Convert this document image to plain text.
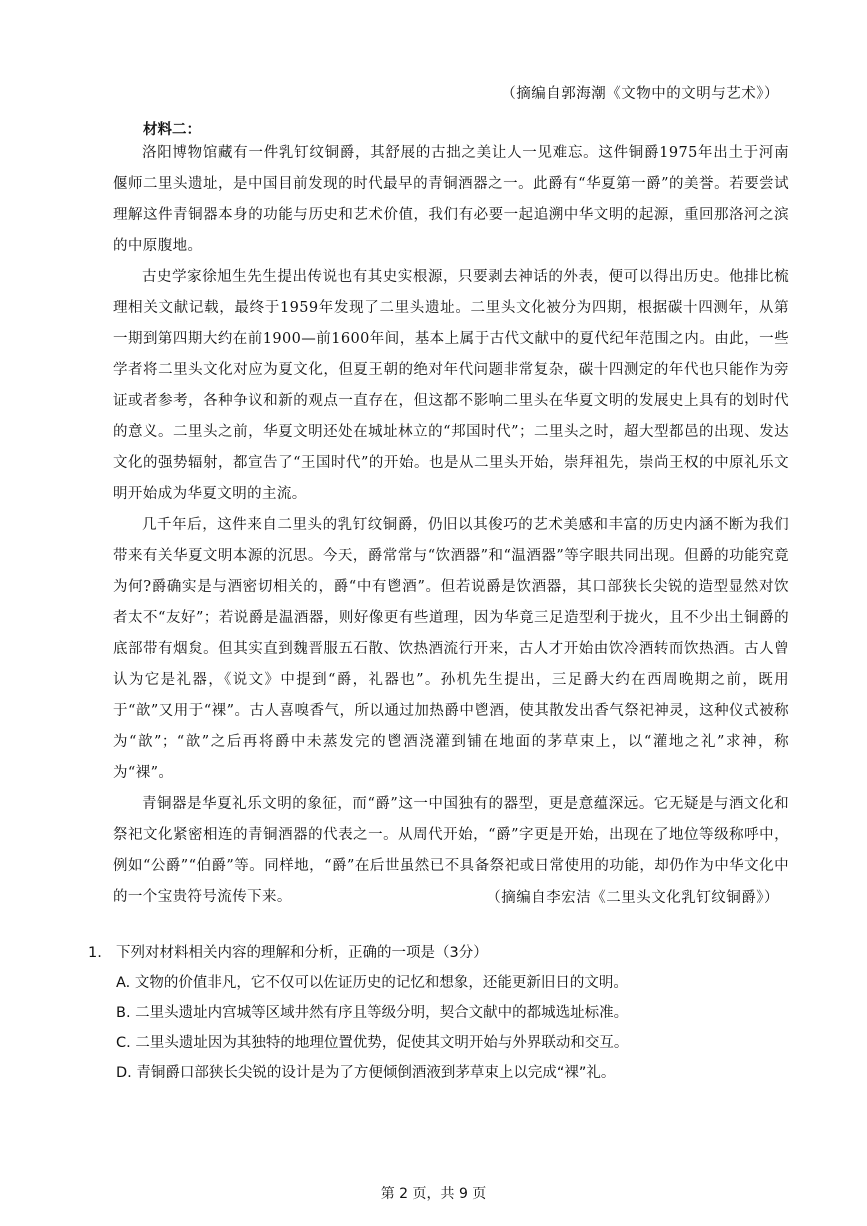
（摘编自郭海潮《文物中的文明与艺术》）
材料二：

洛阳博物馆藏有一件乳钉纹铜爵，其舒展的古拙之美让人一见难忘。这件铜爵1975年出土于河南偃师二里头遗址，是中国目前发现的时代最早的青铜酒器之一。此爵有“华夏第一爵”的美誉。若要尝试理解这件青铜器本身的功能与历史和艺术价值，我们有必要一起追溯中华文明的起源，重回那洛河之滨的中原腹地。

古史学家徐旭生先生提出传说也有其史实根源，只要剥去神话的外表，便可以得出历史。他排比梳理相关文献记载，最终于1959年发现了二里头遗址。二里头文化被分为四期，根据碳十四测年，从第一期到第四期大约在前1900—前1600年间，基本上属于古代文献中的夏代纪年范围之内。由此，一些学者将二里头文化对应为夏文化，但夏王朝的绝对年代问题非常复杂，碳十四测定的年代也只能作为旁证或者参考，各种争议和新的观点一直存在，但这都不影响二里头在华夏文明的发展史上具有的划时代的意义。二里头之前，华夏文明还处在城址林立的“邦国时代”；二里头之时，超大型都邑的出现、发达文化的强势辐射，都宣告了“王国时代”的开始。也是从二里头开始，崇拜祖先，崇尚王权的中原礼乐文明开始成为华夏文明的主流。

几千年后，这件来自二里头的乳钉纹铜爵，仍旧以其俊巧的艺术美感和丰富的历史内涵不断为我们带来有关华夏文明本源的沉思。今天，爵常常与“饮酒器”和“温酒器”等字眼共同出现。但爵的功能究竟为何?爵确实是与酒密切相关的，爵“中有鬯酒”。但若说爵是饮酒器，其口部狭长尖锐的造型显然对饮者太不“友好”；若说爵是温酒器，则好像更有些道理，因为华竟三足造型利于拢火，且不少出土铜爵的底部带有烟炱。但其实直到魏晋服五石散、饮热酒流行开来，古人才开始由饮冷酒转而饮热酒。古人曾认为它是礼器，《说文》中提到“爵，礼器也”。孙机先生提出，三足爵大约在西周晚期之前，既用于“歆”又用于“裸”。古人喜嗅香气，所以通过加热爵中鬯酒，使其散发出香气祭祀神灵，这种仪式被称为“歆”；“歆”之后再将爵中未蒸发完的鬯酒浇灌到铺在地面的茅草束上，以“灌地之礼”求神，称为“裸”。

青铜器是华夏礼乐文明的象征，而“爵”这一中国独有的器型，更是意蕴深远。它无疑是与酒文化和祭祀文化紧密相连的青铜酒器的代表之一。从周代开始，“爵”字更是开始，出现在了地位等级称呼中，例如“公爵”“伯爵”等。同样地，“爵”在后世虽然已不具备祭祀或日常使用的功能，却仍作为中华文化中的一个宝贵符号流传下来。	（摘编自李宏洁《二里头文化乳钉纹铜爵》）
1. 下列对材料相关内容的理解和分析，正确的一项是（3分）
A. 文物的价值非凡，它不仅可以佐证历史的记忆和想象，还能更新旧日的文明。
B. 二里头遗址内宫城等区域井然有序且等级分明，契合文献中的都城选址标准。
C. 二里头遗址因为其独特的地理位置优势，促使其文明开始与外界联动和交互。
D. 青铜爵口部狭长尖锐的设计是为了方便倾倒酒液到茅草束上以完成“裸”礼。
第 2 页，共 9 页
